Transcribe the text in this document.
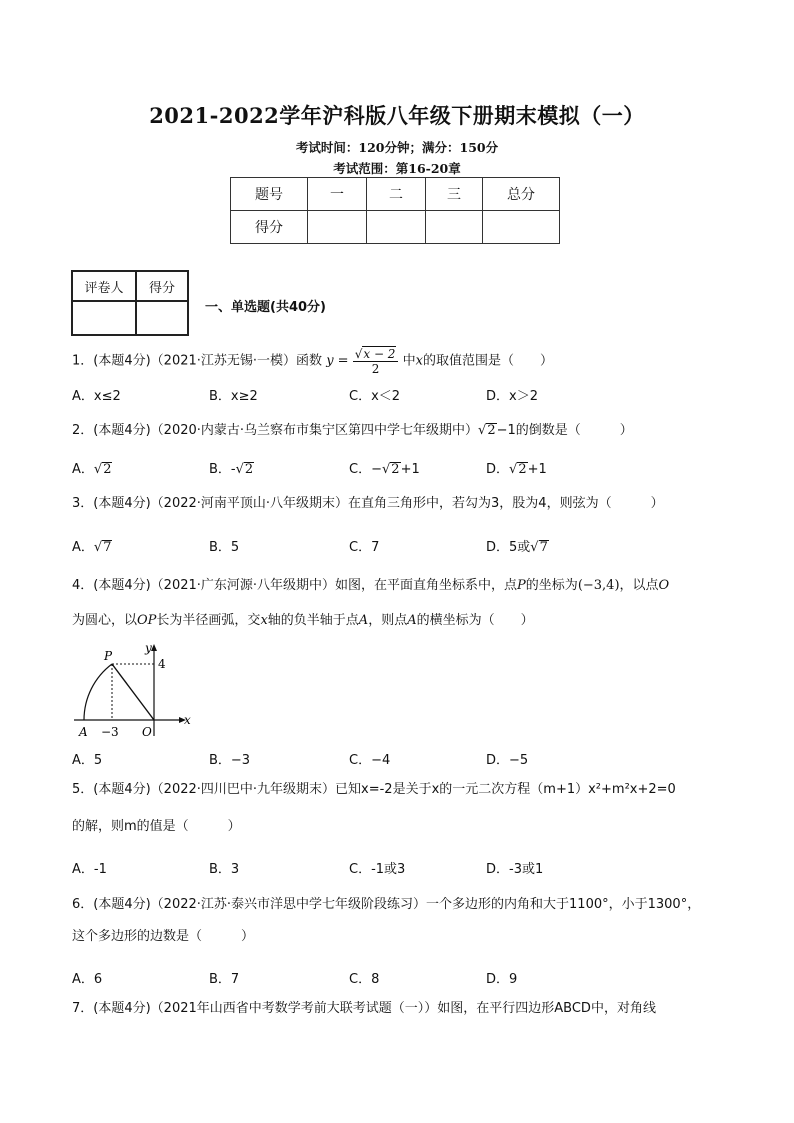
2021-2022学年沪科版八年级下册期末模拟（一）
考试时间：120分钟；满分：150分
考试范围：第16-20章
题号	一	二	三	总分
得分				
评卷人	得分

一、单选题(共40分)
1．(本题4分)（2021·江苏无锡·一模）函数 $y = \frac{√x - 2}{2}$ 中x的取值范围是（　　）
A．x≤2	B．x≥2	C．x＜2	D．x＞2
2．(本题4分)（2020·内蒙古·乌兰察布市集宁区第四中学七年级期中）√2−1的倒数是（　　　）
A．√2	B．-√2	C．−√2+1	D．√2+1
3．(本题4分)（2022·河南平顶山·八年级期末）在直角三角形中，若勾为3，股为4，则弦为（　　　）
A．√7	B．5	C．7	D．5或√7
4．(本题4分)（2021·广东河源·八年级期中）如图，在平面直角坐标系中，点P的坐标为(−3,4)，以点O
为圆心，以OP长为半径画弧，交x轴的负半轴于点A，则点A的横坐标为（　　）
P
y
4
x
A −3 O
A．5	B．−3	C．−4	D．−5
5．(本题4分)（2022·四川巴中·九年级期末）已知x=-2是关于x的一元二次方程（m+1）x²+m²x+2=0
的解，则m的值是（　　　）
A．-1	B．3	C．-1或3	D．-3或1
6．(本题4分)（2022·江苏·泰兴市洋思中学七年级阶段练习）一个多边形的内角和大于1100°，小于1300°，
这个多边形的边数是（　　　）
A．6	B．7	C．8	D．9
7．(本题4分)（2021年山西省中考数学考前大联考试题（一））如图，在平行四边形ABCD中，对角线
